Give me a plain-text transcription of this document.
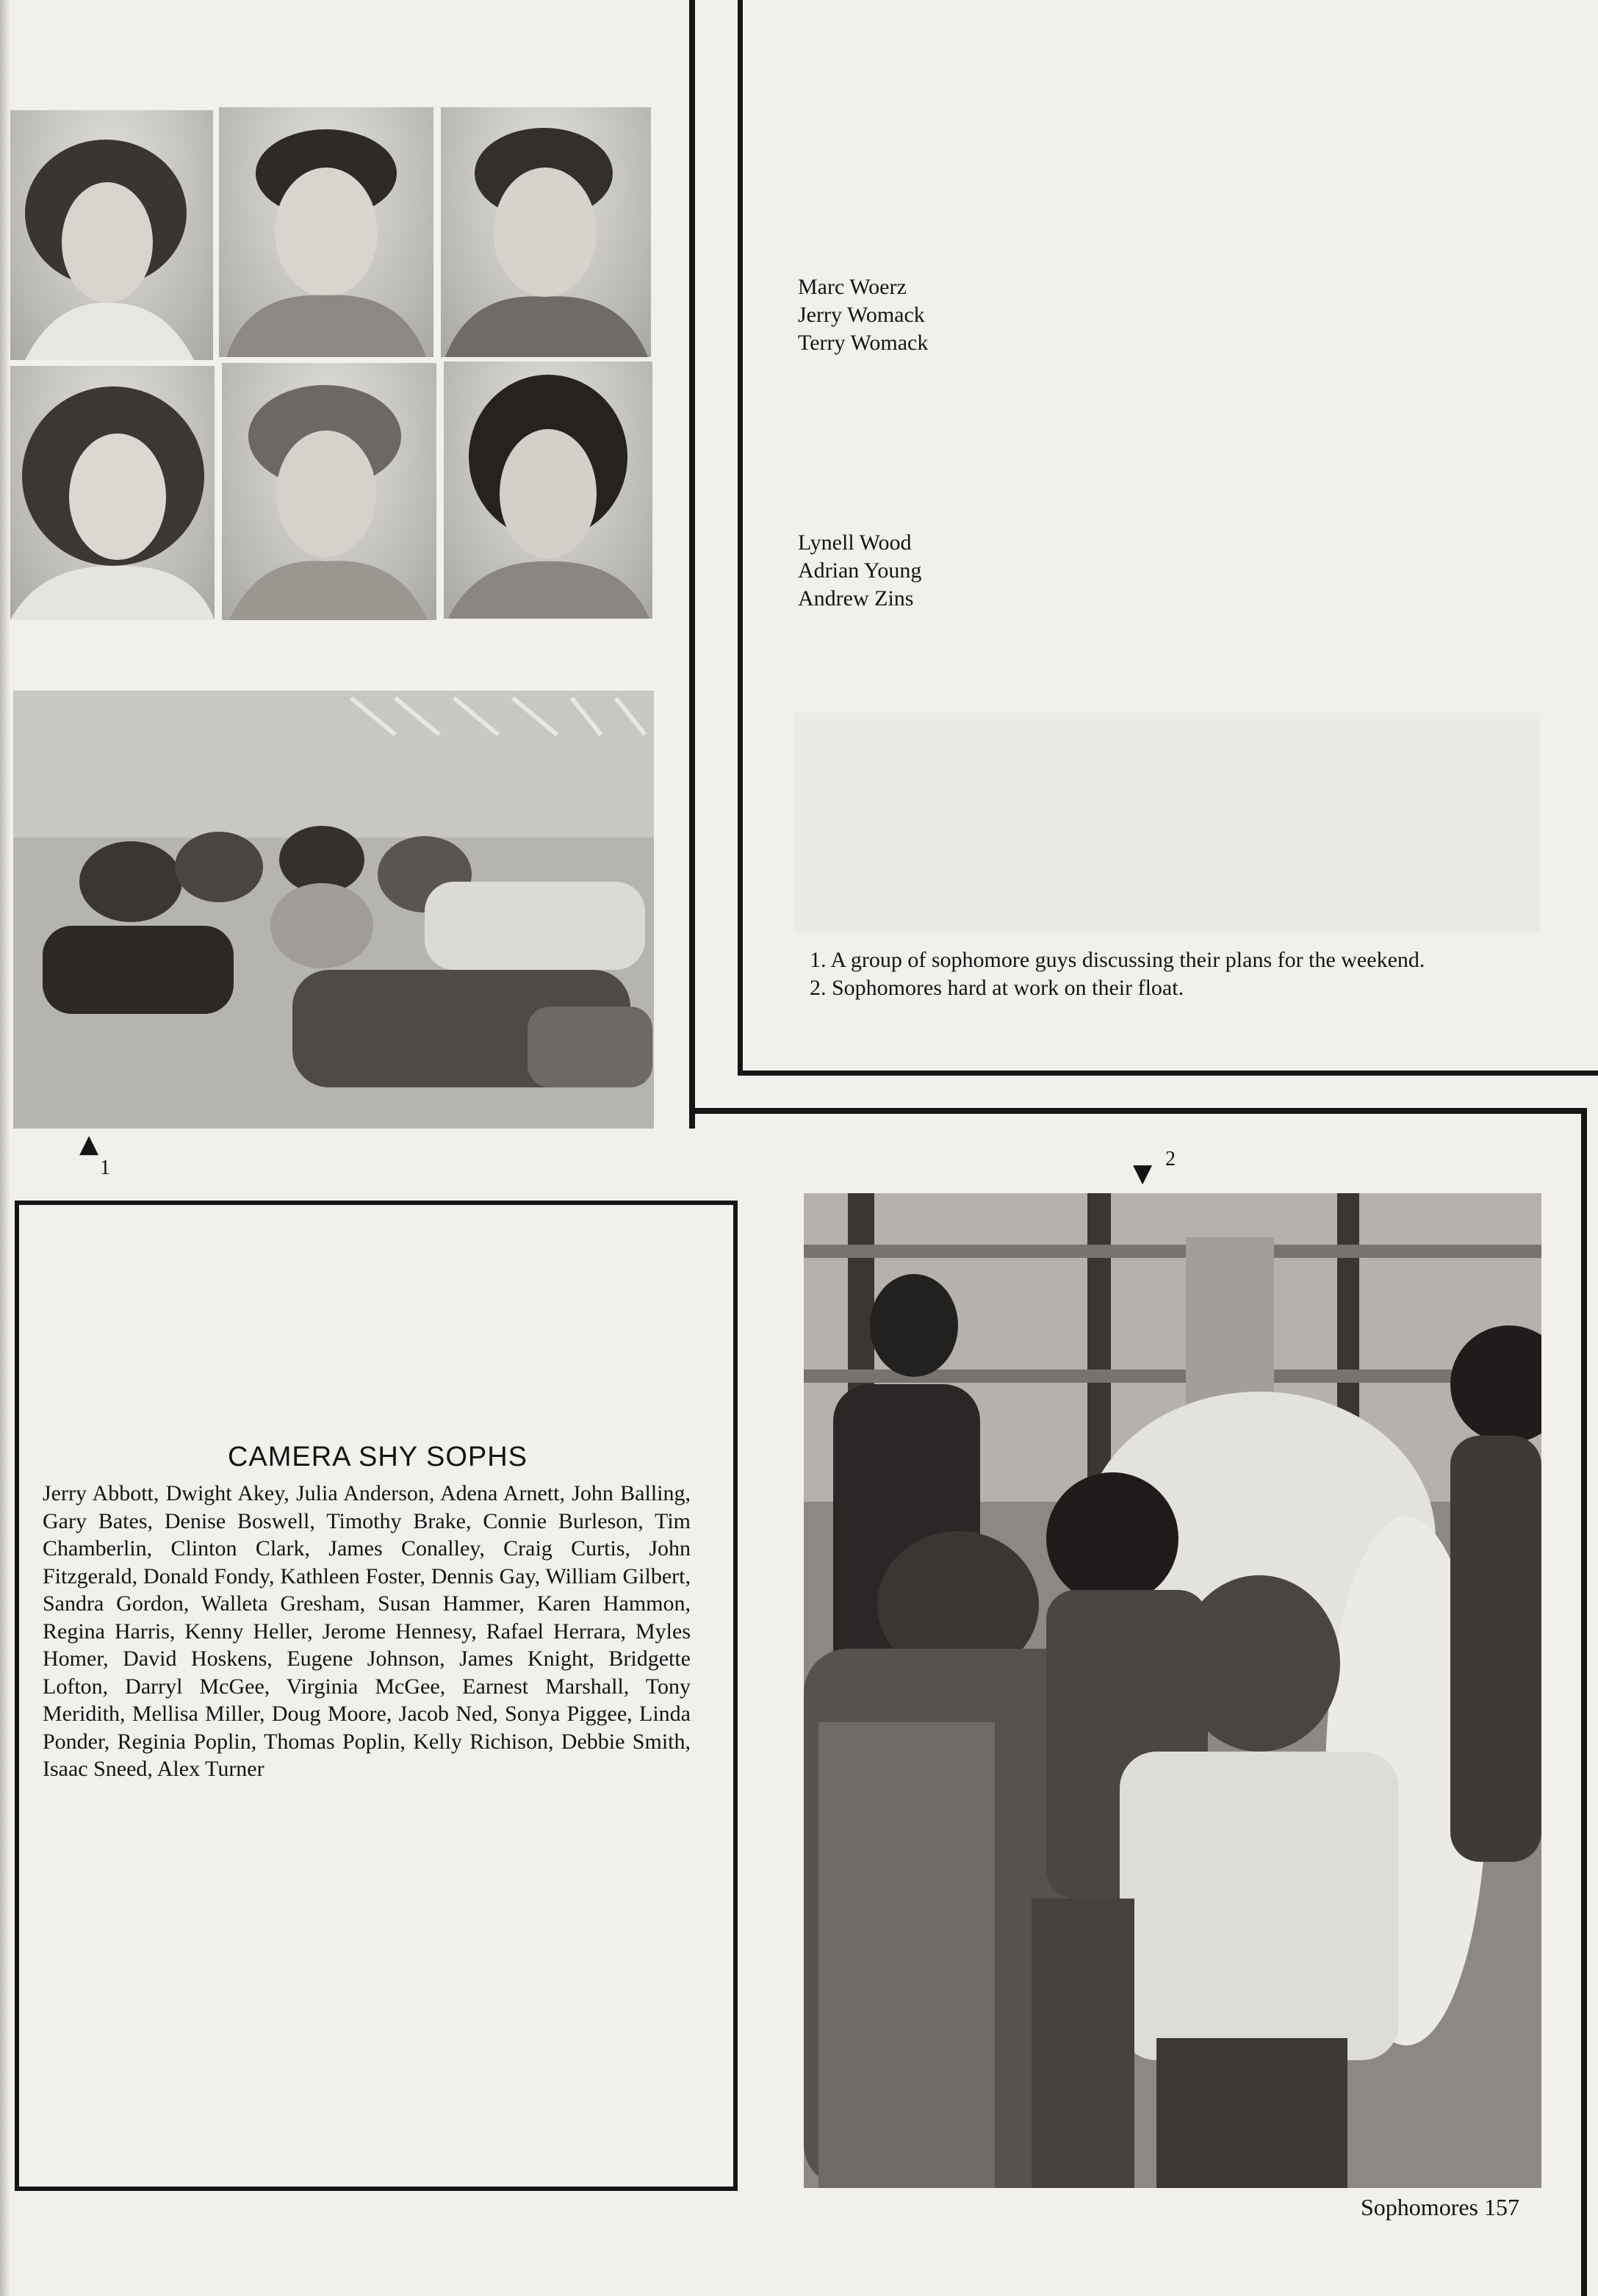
▲
1
Marc Woerz
Jerry Womack
Terry Womack
Lynell Wood
Adrian Young
Andrew Zins

1. A group of sophomore guys discussing their plans for the weekend.

2. Sophomores hard at work on their float.

CAMERA SHY SOPHS
Jerry Abbott, Dwight Akey, Julia Anderson, Adena Arnett, John Balling, Gary Bates, Denise Boswell, Timothy Brake, Connie Burleson, Tim Chamberlin, Clinton Clark, James Conalley, Craig Curtis, John Fitzgerald, Donald Fondy, Kathleen Foster, Dennis Gay, William Gilbert, Sandra Gordon, Walleta Gresham, Susan Hammer, Karen Hammon, Regina Harris, Kenny Heller, Jerome Hennesy, Rafael Herrara, Myles Homer, David Hoskens, Eugene Johnson, James Knight, Bridgette Lofton, Darryl McGee, Virginia McGee, Earnest Marshall, Tony Meridith, Mellisa Miller, Doug Moore, Jacob Ned, Sonya Piggee, Linda Ponder, Reginia Poplin, Thomas Poplin, Kelly Richison, Debbie Smith, Isaac Sneed, Alex Turner
▼ 2
Sophomores 157
